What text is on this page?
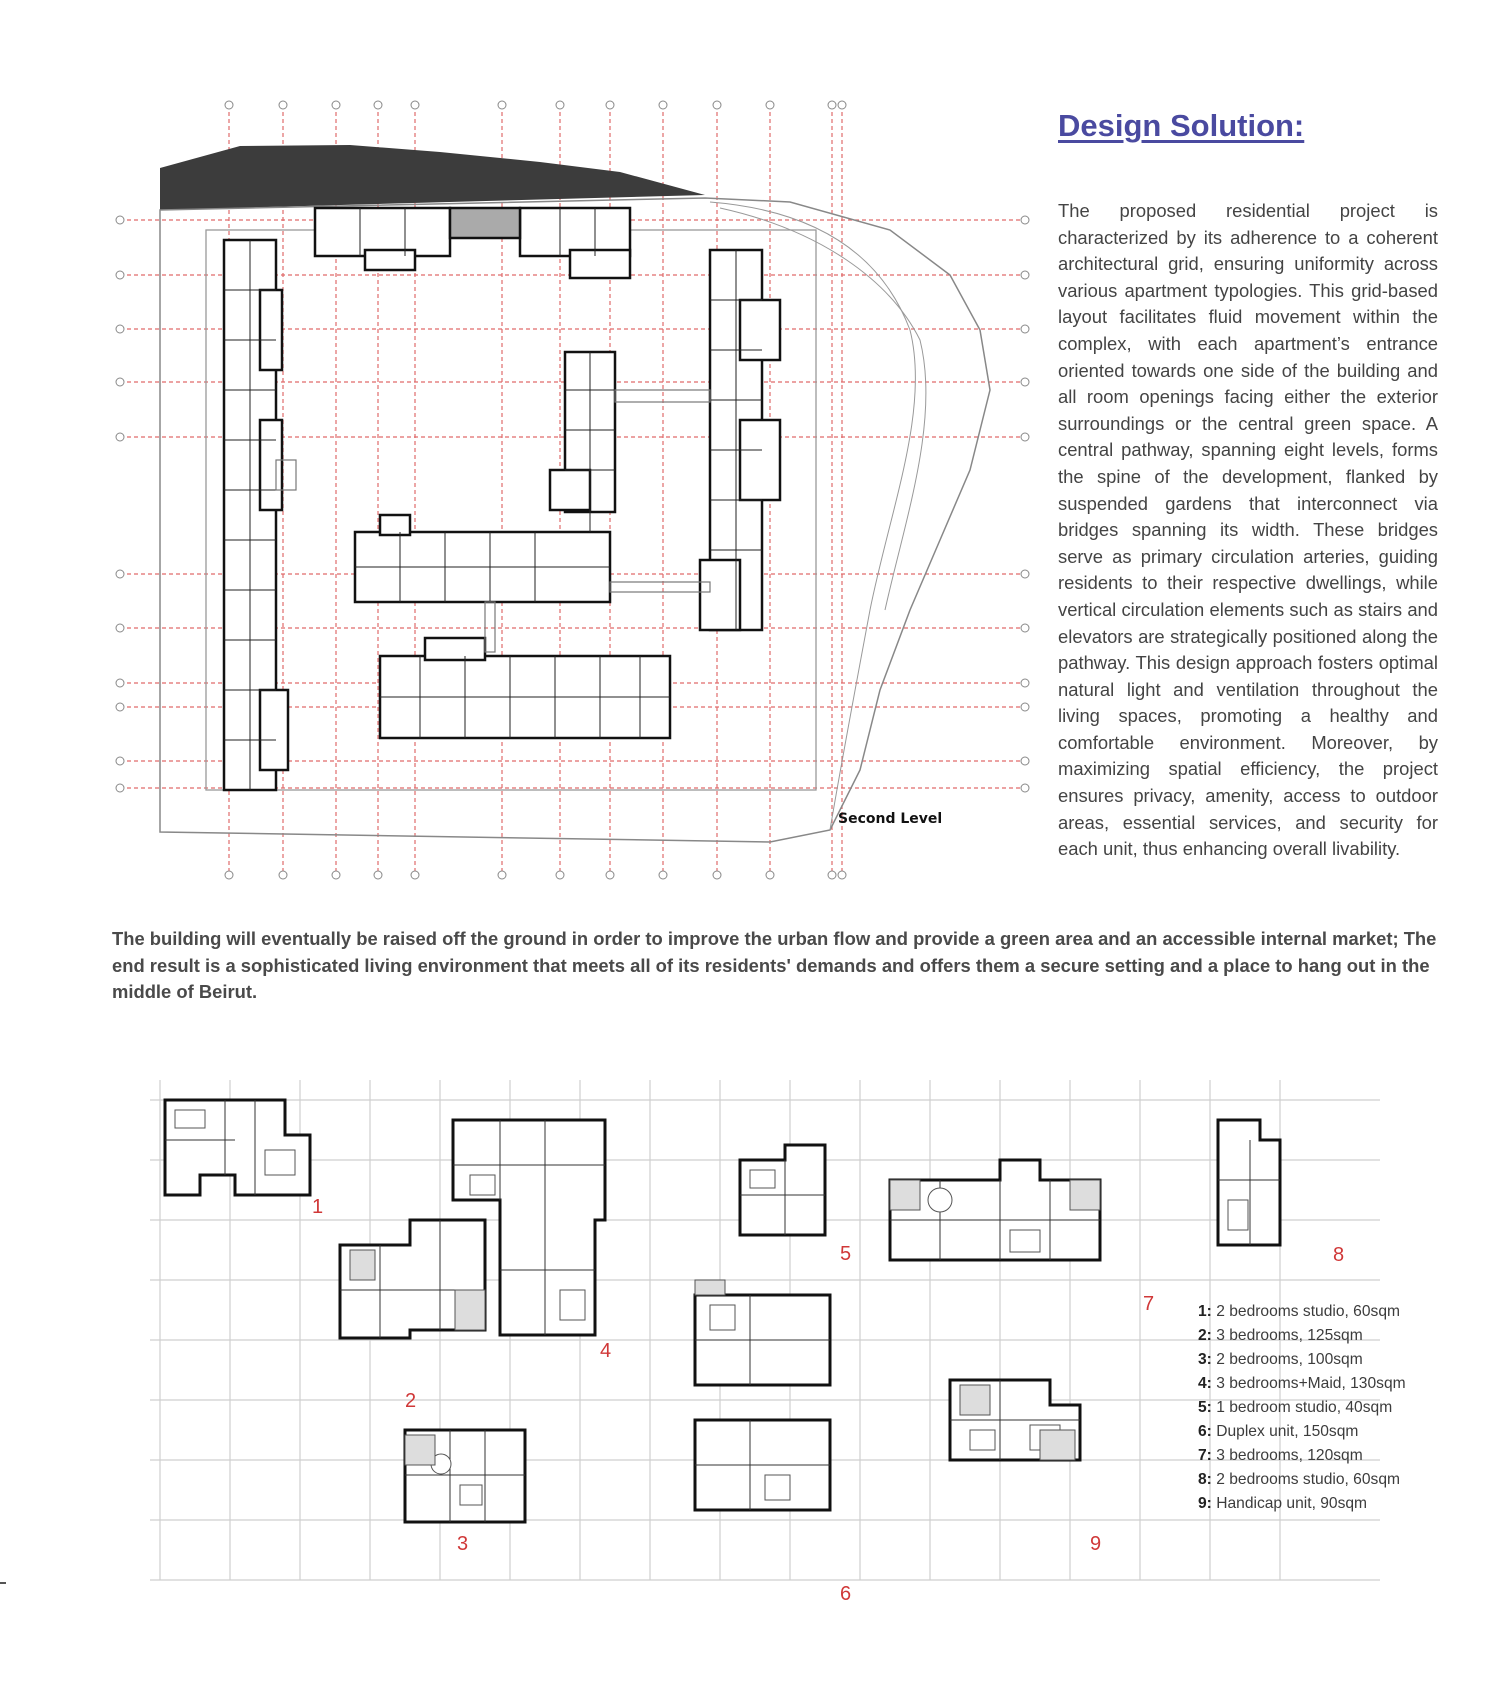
Design Solution:
The proposed residential project is characterized by its adherence to a coherent architectural grid, ensuring uniformity across various apartment typologies. This grid-based layout facilitates fluid movement within the complex, with each apartment’s entrance oriented towards one side of the building and all room openings facing either the exterior surroundings or the central green space. A central pathway, spanning eight levels, forms the spine of the development, flanked by suspended gardens that interconnect via bridges spanning its width. These bridges serve as primary circulation arteries, guiding residents to their respective dwellings, while vertical circulation elements such as stairs and elevators are strategically positioned along the pathway. This design approach fosters optimal natural light and ventilation throughout the living spaces, promoting a healthy and comfortable environment. Moreover, by maximizing spatial efficiency, the project ensures privacy, amenity, access to outdoor areas, essential services, and security for each unit, thus enhancing overall livability.
Second Level
The building will eventually be raised off the ground in order to improve the urban flow and provide a green area and an accessible internal market; The end result is a sophisticated living environment that meets all of its residents' demands and offers them a secure setting and a place to hang out in the middle of Beirut.
1
2
3
4
5
6
7
8
9
1: 2 bedrooms studio, 60sqm
2: 3 bedrooms, 125sqm
3: 2 bedrooms, 100sqm
4: 3 bedrooms+Maid, 130sqm
5: 1 bedroom studio, 40sqm
6: Duplex unit, 150sqm
7: 3 bedrooms, 120sqm
8: 2 bedrooms studio, 60sqm
9: Handicap unit, 90sqm
